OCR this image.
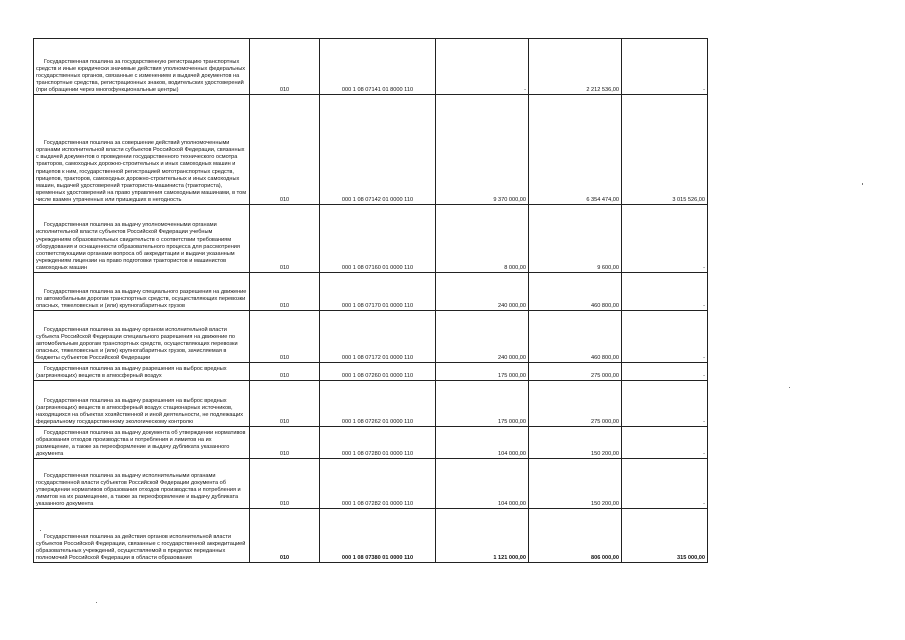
Государственная пошлина за государственную регистрацию транспортных средств и иные юридически значимые действия уполномоченных федеральных государственных органов, связанные с изменением и выдачей документов на транспортные средства, регистрационных знаков, водительских удостоверений (при обращении через многофункциональные центры)	010	000 1 08 07141 01 8000 110	-	2 212 536,00	-

Государственная пошлина за совершение действий уполномоченными органами исполнительной власти субъектов Российской Федерации, связанных с выдачей документов о проведении государственного технического осмотра тракторов, самоходных дорожно-строительных и иных самоходных машин и прицепов к ним, государственной регистрацией мототранспортных средств, прицепов, тракторов, самоходных дорожно-строительных и иных самоходных машин, выдачей удостоверений тракториста-машиниста (тракториста), временных удостоверений на право управления самоходными машинами, в том числе взамен утраченных или пришедших в негодность	010	000 1 08 07142 01 0000 110	9 370 000,00	6 354 474,00	3 015 526,00

Государственная пошлина за выдачу уполномоченными органами исполнительной власти субъектов Российской Федерации учебным учреждениям образовательных свидетельств о соответствии требованиям оборудования и оснащенности образовательного процесса для рассмотрения соответствующими органами вопроса об аккредитации и выдачи указанным учреждениям лицензии на право подготовки трактористов и машинистов самоходных машин	010	000 1 08 07160 01 0000 110	8 000,00	9 600,00	-

Государственная пошлина за выдачу специального разрешения на движение по автомобильным дорогам транспортных средств, осуществляющих перевозки опасных, тяжеловесных и (или) крупногабаритных грузов	010	000 1 08 07170 01 0000 110	240 000,00	460 800,00	-

Государственная пошлина за выдачу органом исполнительной власти субъекта Российской Федерации специального разрешения на движение по автомобильным дорогам транспортных средств, осуществляющих перевозки опасных, тяжеловесных и (или) крупногабаритных грузов, зачисляемая в бюджеты субъектов Российской Федерации	010	000 1 08 07172 01 0000 110	240 000,00	460 800,00	-

Государственная пошлина за выдачу разрешения на выброс вредных (загрязняющих) веществ в атмосферный воздух	010	000 1 08 07260 01 0000 110	175 000,00	275 000,00	-

Государственная пошлина за выдачу разрешения на выброс вредных (загрязняющих) веществ в атмосферный воздух стационарных источников, находящихся на объектах хозяйственной и иной деятельности, не подлежащих федеральному государственному экологическому контролю	010	000 1 08 07262 01 0000 110	175 000,00	275 000,00	-

Государственная пошлина за выдачу документа об утверждении нормативов образования отходов производства и потребления и лимитов на их размещение, а также за переоформление и выдачу дубликата указанного документа	010	000 1 08 07280 01 0000 110	104 000,00	150 200,00	-

Государственная пошлина за выдачу исполнительными органами государственной власти субъектов Российской Федерации документа об утверждении нормативов образования отходов производства и потребления и лимитов на их размещение, а также за переоформление и выдачу дубликата указанного документа	010	000 1 08 07282 01 0000 110	104 000,00	150 200,00	-

Государственная пошлина за действия органов исполнительной власти субъектов Российской Федерации, связанные с государственной аккредитацией образовательных учреждений, осуществляемой в пределах переданных полномочий Российской Федерации в области образования	010	000 1 08 07380 01 0000 110	1 121 000,00	806 000,00	315 000,00
